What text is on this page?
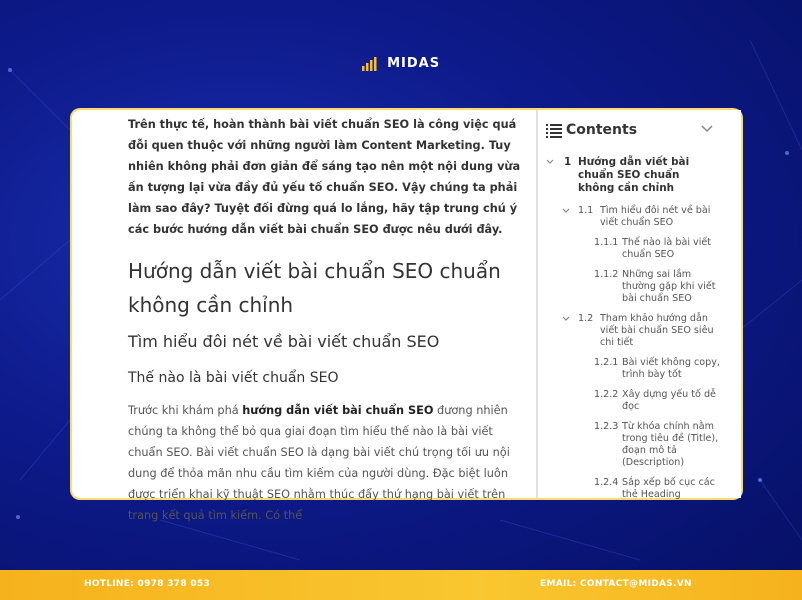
MIDAS

Trên thực tế, hoàn thành bài viết chuẩn SEO là công việc quá đỗi quen thuộc với những người làm Content Marketing. Tuy nhiên không phải đơn giản để sáng tạo nên một nội dung vừa ấn tượng lại vừa đầy đủ yếu tố chuẩn SEO. Vậy chúng ta phải làm sao đây? Tuyệt đối đừng quá lo lắng, hãy tập trung chú ý các bước hướng dẫn viết bài chuẩn SEO được nêu dưới đây.

Hướng dẫn viết bài chuẩn SEO chuẩn không cần chỉnh
Tìm hiểu đôi nét về bài viết chuẩn SEO
Thế nào là bài viết chuẩn SEO

Trước khi khám phá hướng dẫn viết bài chuẩn SEO đương nhiên chúng ta không thể bỏ qua giai đoạn tìm hiểu thế nào là bài viết chuẩn SEO. Bài viết chuẩn SEO là dạng bài viết chú trọng tối ưu nội dung để thỏa mãn nhu cầu tìm kiếm của người dùng. Đặc biệt luôn được triển khai kỹ thuật SEO nhằm thúc đẩy thứ hạng bài viết trên trang kết quả tìm kiếm. Có thể

Contents
1 Hướng dẫn viết bài chuẩn SEO chuẩn không cần chỉnh
1.1 Tìm hiểu đôi nét về bài viết chuẩn SEO
1.1.1 Thế nào là bài viết chuẩn SEO
1.1.2 Những sai lầm thường gặp khi viết bài chuẩn SEO
1.2 Tham khảo hướng dẫn viết bài chuẩn SEO siêu chi tiết
1.2.1 Bài viết không copy, trình bày tốt
1.2.2 Xây dựng yếu tố dễ đọc
1.2.3 Từ khóa chính nằm trong tiêu đề (Title), đoạn mô tả (Description)
1.2.4 Sắp xếp bố cục các thẻ Heading
HOTLINE: 0978 378 053	EMAIL: CONTACT@MIDAS.VN
